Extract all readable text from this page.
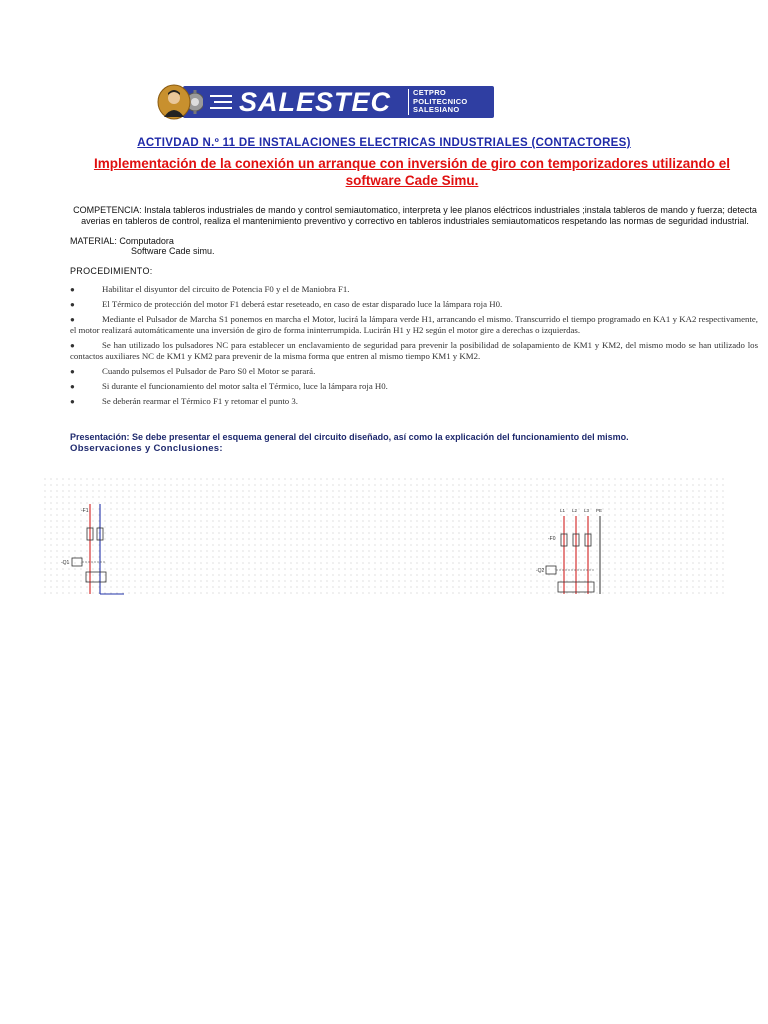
SALESTEC	CETPRO
POLITECNICO
SALESIANO
ACTIVDAD N.º 11 DE INSTALACIONES ELECTRICAS INDUSTRIALES (CONTACTORES)
Implementación de la conexión un arranque con inversión de giro con temporizadores utilizando el software Cade Simu.
COMPETENCIA: Instala tableros industriales de mando y control semiautomatico, interpreta y lee planos eléctricos industriales ;instala tableros de mando y fuerza; detecta averias en tableros de control, realiza el mantenimiento preventivo y correctivo en tableros industriales semiautomaticos respetando las normas de seguridad industrial.
MATERIAL: Computadora
Software Cade simu.
PROCEDIMIENTO:
●	Habilitar el disyuntor del circuito de Potencia F0 y el de Maniobra F1.
●	El Térmico de protección del motor F1 deberá estar reseteado, en caso de estar disparado luce la lámpara roja H0.
●	Mediante el Pulsador de Marcha S1 ponemos en marcha el Motor, lucirá la lámpara verde H1, arrancando el mismo. Transcurrido el tiempo programado en KA1 y KA2 respectivamente, el motor realizará automáticamente una inversión de giro de forma ininterrumpida. Lucirán H1 y H2 según el motor gire a derechas o izquierdas.
●	Se han utilizado los pulsadores NC para establecer un enclavamiento de seguridad para prevenir la posibilidad de solapamiento de KM1 y KM2, del mismo modo se han utilizado los contactos auxiliares NC de KM1 y KM2 para prevenir de la misma forma que entren al mismo tiempo KM1 y KM2.
●	Cuando pulsemos el Pulsador de Paro S0 el Motor se parará.
●	Si durante el funcionamiento del motor salta el Térmico, luce la lámpara roja H0.
●	Se deberán rearmar el Térmico F1 y retomar el punto 3.
Presentación: Se debe presentar el esquema general del circuito diseñado, así como la explicación del funcionamiento del mismo.
Observaciones y Conclusiones:
-F1
-Q1
L1 L2 L3 PE
-F0
-Q2
